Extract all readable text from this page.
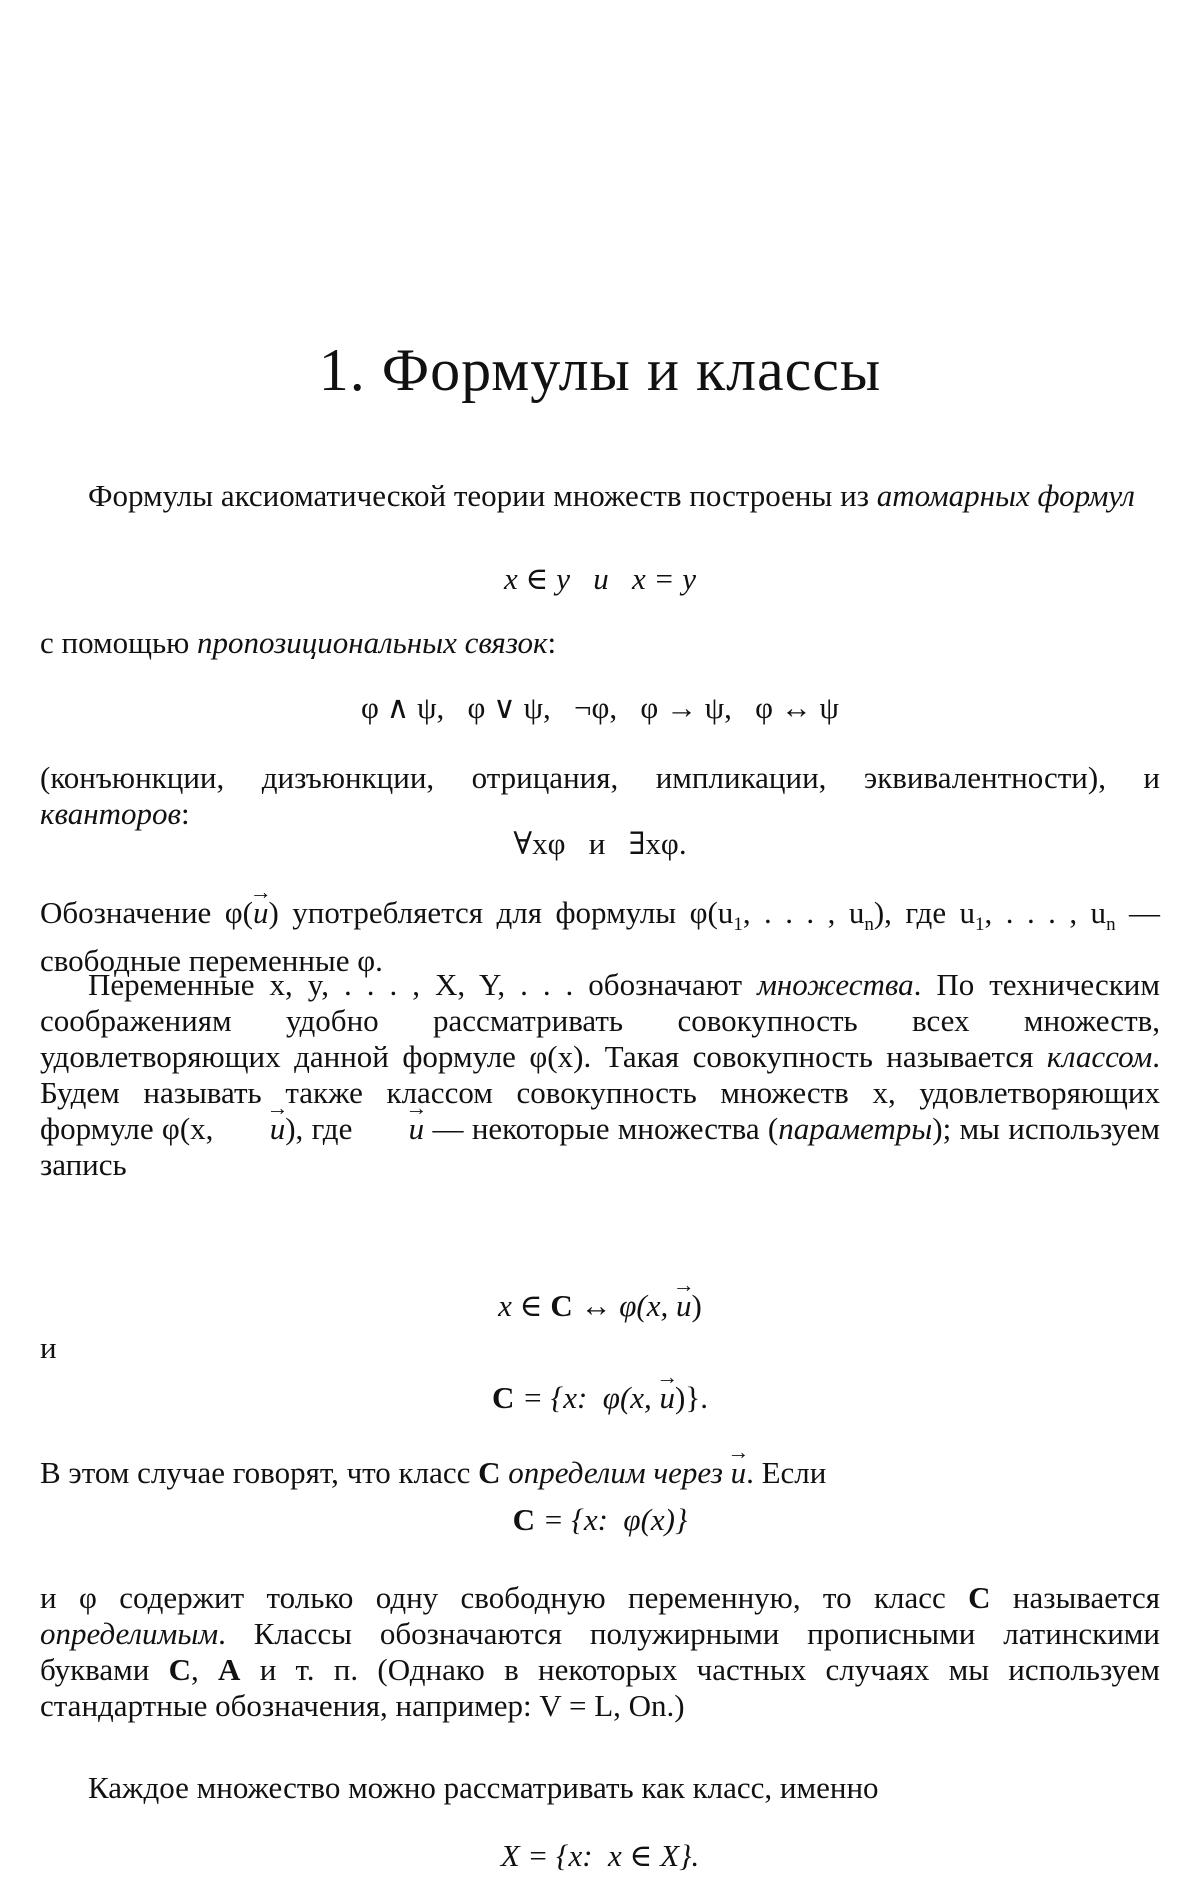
1. Формулы и классы

Формулы аксиоматической теории множеств построены из атомарных формул

x ∈ y   и   x = y

с помощью пропозициональных связок:

φ ∧ ψ,   φ ∨ ψ,   ¬φ,   φ → ψ,   φ ↔ ψ

(конъюнкции, дизъюнкции, отрицания, импликации, эквивалентности), и кванторов:

∀xφ   и   ∃xφ.

Обозначение φ(→ u) употребляется для формулы $\varphi(u_1$, . . . , $u_n$), где $u_1$, . . . , $u_n$ — свободные переменные φ.

Переменные x, y, . . . , X, Y, . . . обозначают множества. По техническим соображениям удобно рассматривать совокупность всех множеств, удовлетворяющих данной формуле φ(x). Такая совокупность называется классом. Будем называть также классом совокупность множеств x, удовлетворяющих формуле φ(x, → u), где → u — некоторые множества (параметры); мы используем запись

x ∈ C ↔ φ(x, → u)

и

C = {x:  φ(x, → u)}.

В этом случае говорят, что класс C определим через → u. Если

C = {x:  φ(x)}

и φ содержит только одну свободную переменную, то класс C называется определимым. Классы обозначаются полужирными прописными латинскими буквами C, A и т. п. (Однако в некоторых частных случаях мы используем стандартные обозначения, например: V = L, On.)

Каждое множество можно рассматривать как класс, именно

X = {x:  x ∈ X}.
